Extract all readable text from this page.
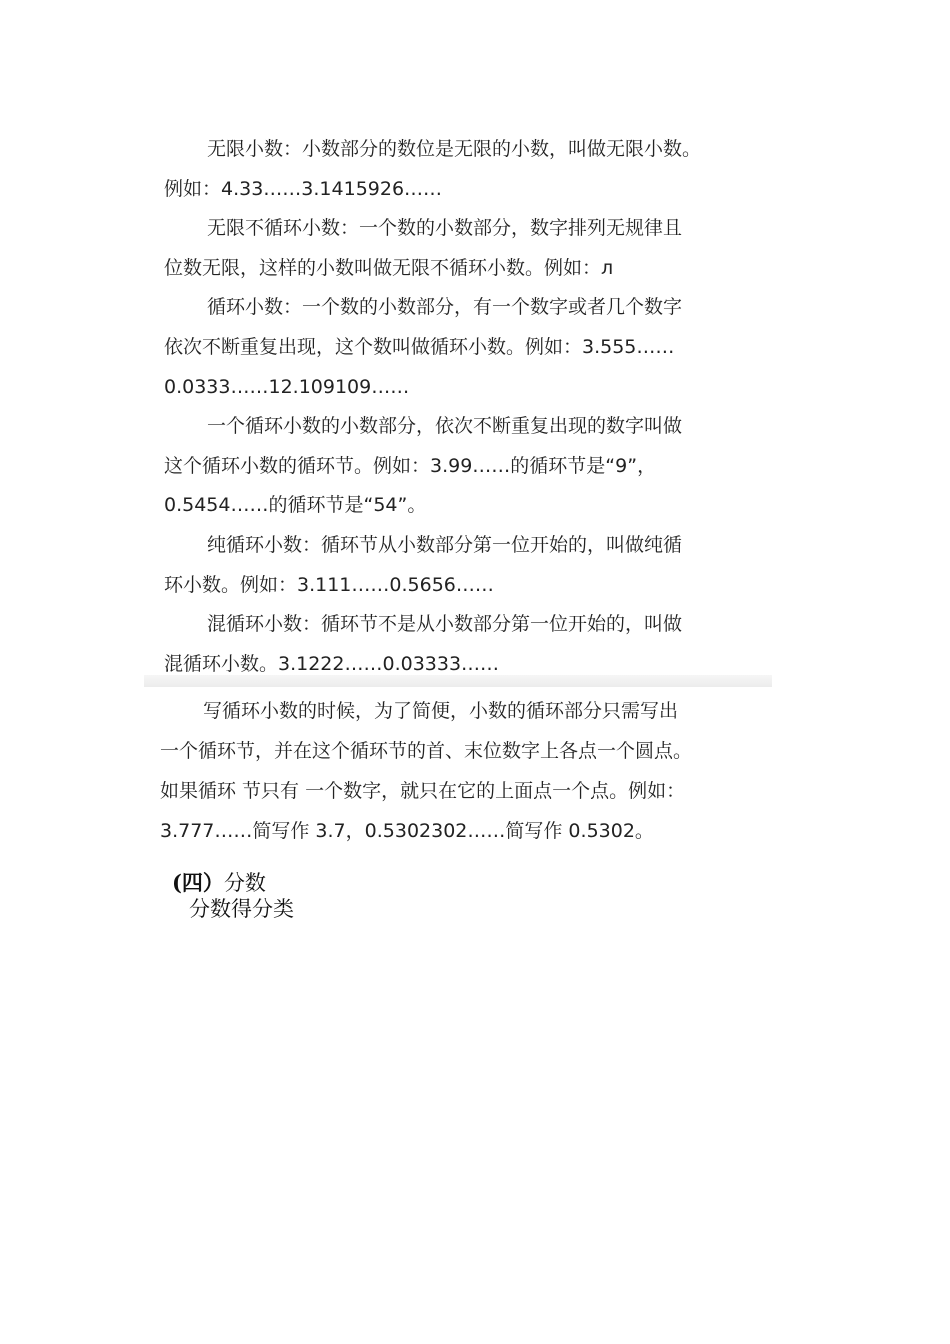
无限小数：小数部分的数位是无限的小数，叫做无限小数。
例如：4.33……3.1415926……
无限不循环小数：一个数的小数部分，数字排列无规律且
位数无限，这样的小数叫做无限不循环小数。例如：л
循环小数：一个数的小数部分，有一个数字或者几个数字
依次不断重复出现，这个数叫做循环小数。例如：3.555……
0.0333……12.109109……
一个循环小数的小数部分，依次不断重复出现的数字叫做
这个循环小数的循环节。例如：3.99……的循环节是“9”，
0.5454……的循环节是“54”。
纯循环小数：循环节从小数部分第一位开始的，叫做纯循
环小数。例如：3.111……0.5656……
混循环小数：循环节不是从小数部分第一位开始的，叫做
混循环小数。3.1222……0.03333……
写循环小数的时候，为了简便，小数的循环部分只需写出
一个循环节，并在这个循环节的首、末位数字上各点一个圆点。
如果循环 节只有 一个数字，就只在它的上面点一个点。例如：
3.777……简写作 3.7，0.5302302……简写作 0.5302。
(四）分数
分数得分类
